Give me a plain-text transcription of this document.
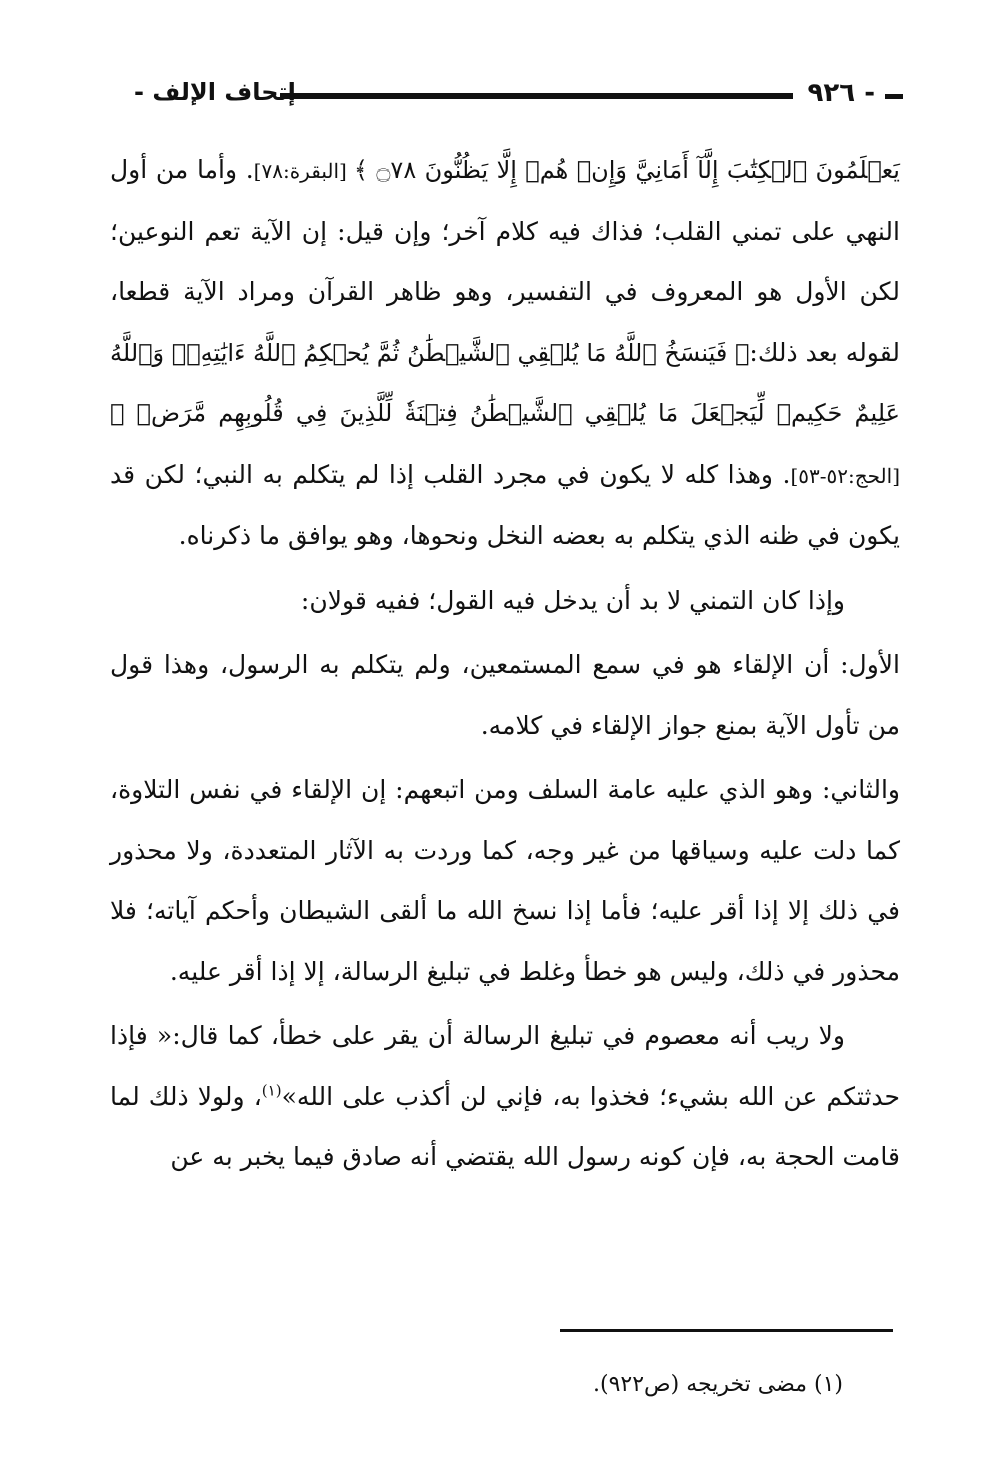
- ٩٢٦
إتحاف الإلف -

يَعۡلَمُونَ ٱلۡكِتَٰبَ إِلَّآ أَمَانِيَّ وَإِنۡ هُمۡ إِلَّا يَظُنُّونَ ۝٧٨ ﴾ [البقرة:٧٨]. وأما من أول النهي على تمني القلب؛ فذاك فيه كلام آخر؛ وإن قيل: إن الآية تعم النوعين؛ لكن الأول هو المعروف في التفسير، وهو ظاهر القرآن ومراد الآية قطعا، لقوله بعد ذلك:﴿ فَيَنسَخُ ٱللَّهُ مَا يُلۡقِي ٱلشَّيۡطَٰنُ ثُمَّ يُحۡكِمُ ٱللَّهُ ءَايَٰتِهِۦۗ وَٱللَّهُ عَلِيمٌ حَكِيمٞ لِّيَجۡعَلَ مَا يُلۡقِي ٱلشَّيۡطَٰنُ فِتۡنَةٗ لِّلَّذِينَ فِي قُلُوبِهِم مَّرَضٞ ﴾ [الحج:٥٢-٥٣]. وهذا كله لا يكون في مجرد القلب إذا لم يتكلم به النبي؛ لكن قد يكون في ظنه الذي يتكلم به بعضه النخل ونحوها، وهو يوافق ما ذكرناه.

وإذا كان التمني لا بد أن يدخل فيه القول؛ ففيه قولان:

الأول: أن الإلقاء هو في سمع المستمعين، ولم يتكلم به الرسول، وهذا قول من تأول الآية بمنع جواز الإلقاء في كلامه.

والثاني: وهو الذي عليه عامة السلف ومن اتبعهم: إن الإلقاء في نفس التلاوة، كما دلت عليه وسياقها من غير وجه، كما وردت به الآثار المتعددة، ولا محذور في ذلك إلا إذا أقر عليه؛ فأما إذا نسخ الله ما ألقى الشيطان وأحكم آياته؛ فلا محذور في ذلك، وليس هو خطأ وغلط في تبليغ الرسالة، إلا إذا أقر عليه.

ولا ريب أنه معصوم في تبليغ الرسالة أن يقر على خطأ، كما قال:« فإذا حدثتكم عن الله بشيء؛ فخذوا به، فإني لن أكذب على الله»$^{(١)}$، ولولا ذلك لما قامت الحجة به، فإن كونه رسول الله يقتضي أنه صادق فيما يخبر به عن

(١) مضى تخريجه (ص٩٢٢).
